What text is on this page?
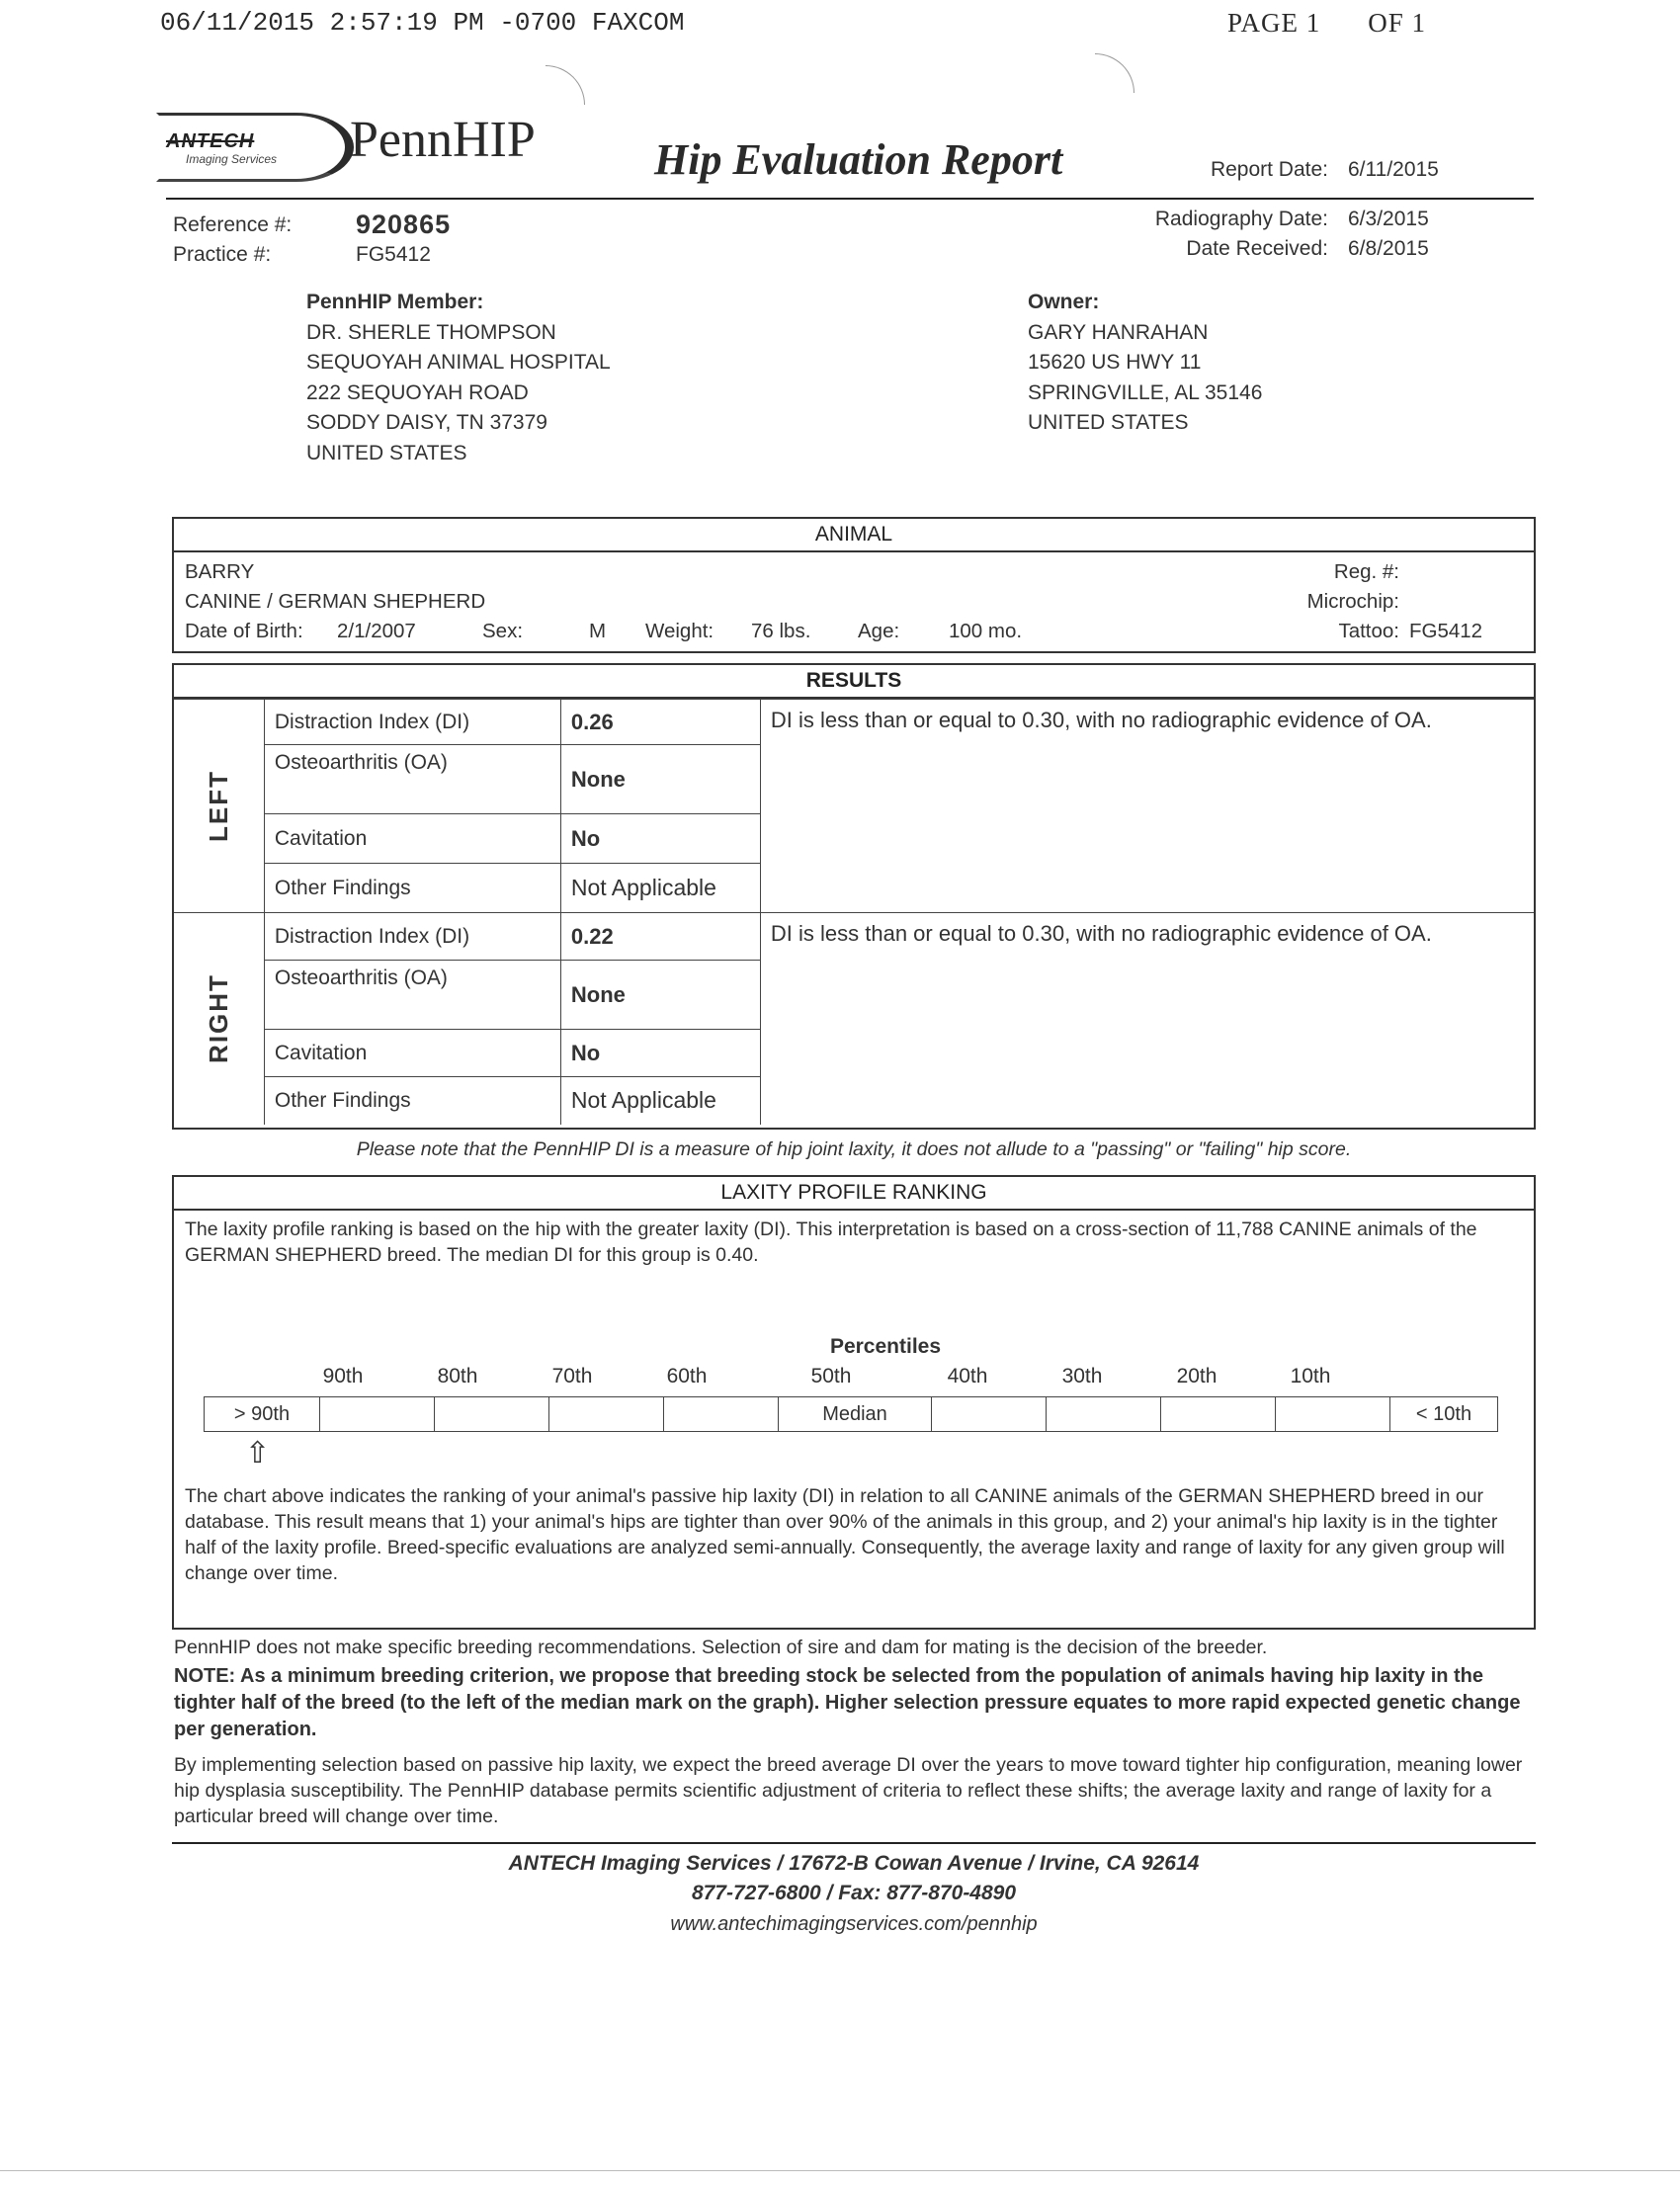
06/11/2015 2:57:19 PM -0700 FAXCOM	PAGE 1 OF 1
ANTECH
Imaging Services PennHIP	Hip Evaluation Report	Report Date: 6/11/2015
Reference #: 920865
Practice #:	FG5412
Radiography Date: 6/3/2015
Date Received: 6/8/2015
PennHIP Member:
DR. SHERLE THOMPSON
SEQUOYAH ANIMAL HOSPITAL
222 SEQUOYAH ROAD
SODDY DAISY, TN 37379
UNITED STATES
Owner:
GARY HANRAHAN
15620 US HWY 11
SPRINGVILLE, AL 35146
UNITED STATES
ANIMAL
BARRY
CANINE / GERMAN SHEPHERD
Date of Birth: 2/1/2007	Sex:	M Weight: 76 lbs. Age: 100 mo.
Reg. #:
Microchip:
Tattoo: FG5412
RESULTS
LEFT	Distraction Index (DI)	0.26	DI is less than or equal to 0.30, with no radiographic evidence of OA.
	Osteoarthritis (OA)	None	
	Cavitation	No	
	Other Findings	Not Applicable	
RIGHT	Distraction Index (DI)	0.22	DI is less than or equal to 0.30, with no radiographic evidence of OA.
	Osteoarthritis (OA)	None	
	Cavitation	No	
	Other Findings	Not Applicable	
Please note that the PennHIP DI is a measure of hip joint laxity, it does not allude to a "passing" or "failing" hip score.
LAXITY PROFILE RANKING
The laxity profile ranking is based on the hip with the greater laxity (DI). This interpretation is based on a cross-section of 11,788 CANINE animals of the GERMAN SHEPHERD breed. The median DI for this group is 0.40.
Percentiles
90th	80th	70th	60th	50th	40th	30th	20th	10th
> 90th	Median	< 10th
⇧
The chart above indicates the ranking of your animal's passive hip laxity (DI) in relation to all CANINE animals of the GERMAN SHEPHERD breed in our database. This result means that 1) your animal's hips are tighter than over 90% of the animals in this group, and 2) your animal's hip laxity is in the tighter half of the laxity profile. Breed-specific evaluations are analyzed semi-annually. Consequently, the average laxity and range of laxity for any given group will change over time.
PennHIP does not make specific breeding recommendations. Selection of sire and dam for mating is the decision of the breeder.
NOTE: As a minimum breeding criterion, we propose that breeding stock be selected from the population of animals having hip laxity in the tighter half of the breed (to the left of the median mark on the graph). Higher selection pressure equates to more rapid expected genetic change per generation.
By implementing selection based on passive hip laxity, we expect the breed average DI over the years to move toward tighter hip configuration, meaning lower hip dysplasia susceptibility. The PennHIP database permits scientific adjustment of criteria to reflect these shifts; the average laxity and range of laxity for a particular breed will change over time.
ANTECH Imaging Services / 17672-B Cowan Avenue / Irvine, CA 92614
877-727-6800 / Fax: 877-870-4890
www.antechimagingservices.com/pennhip
